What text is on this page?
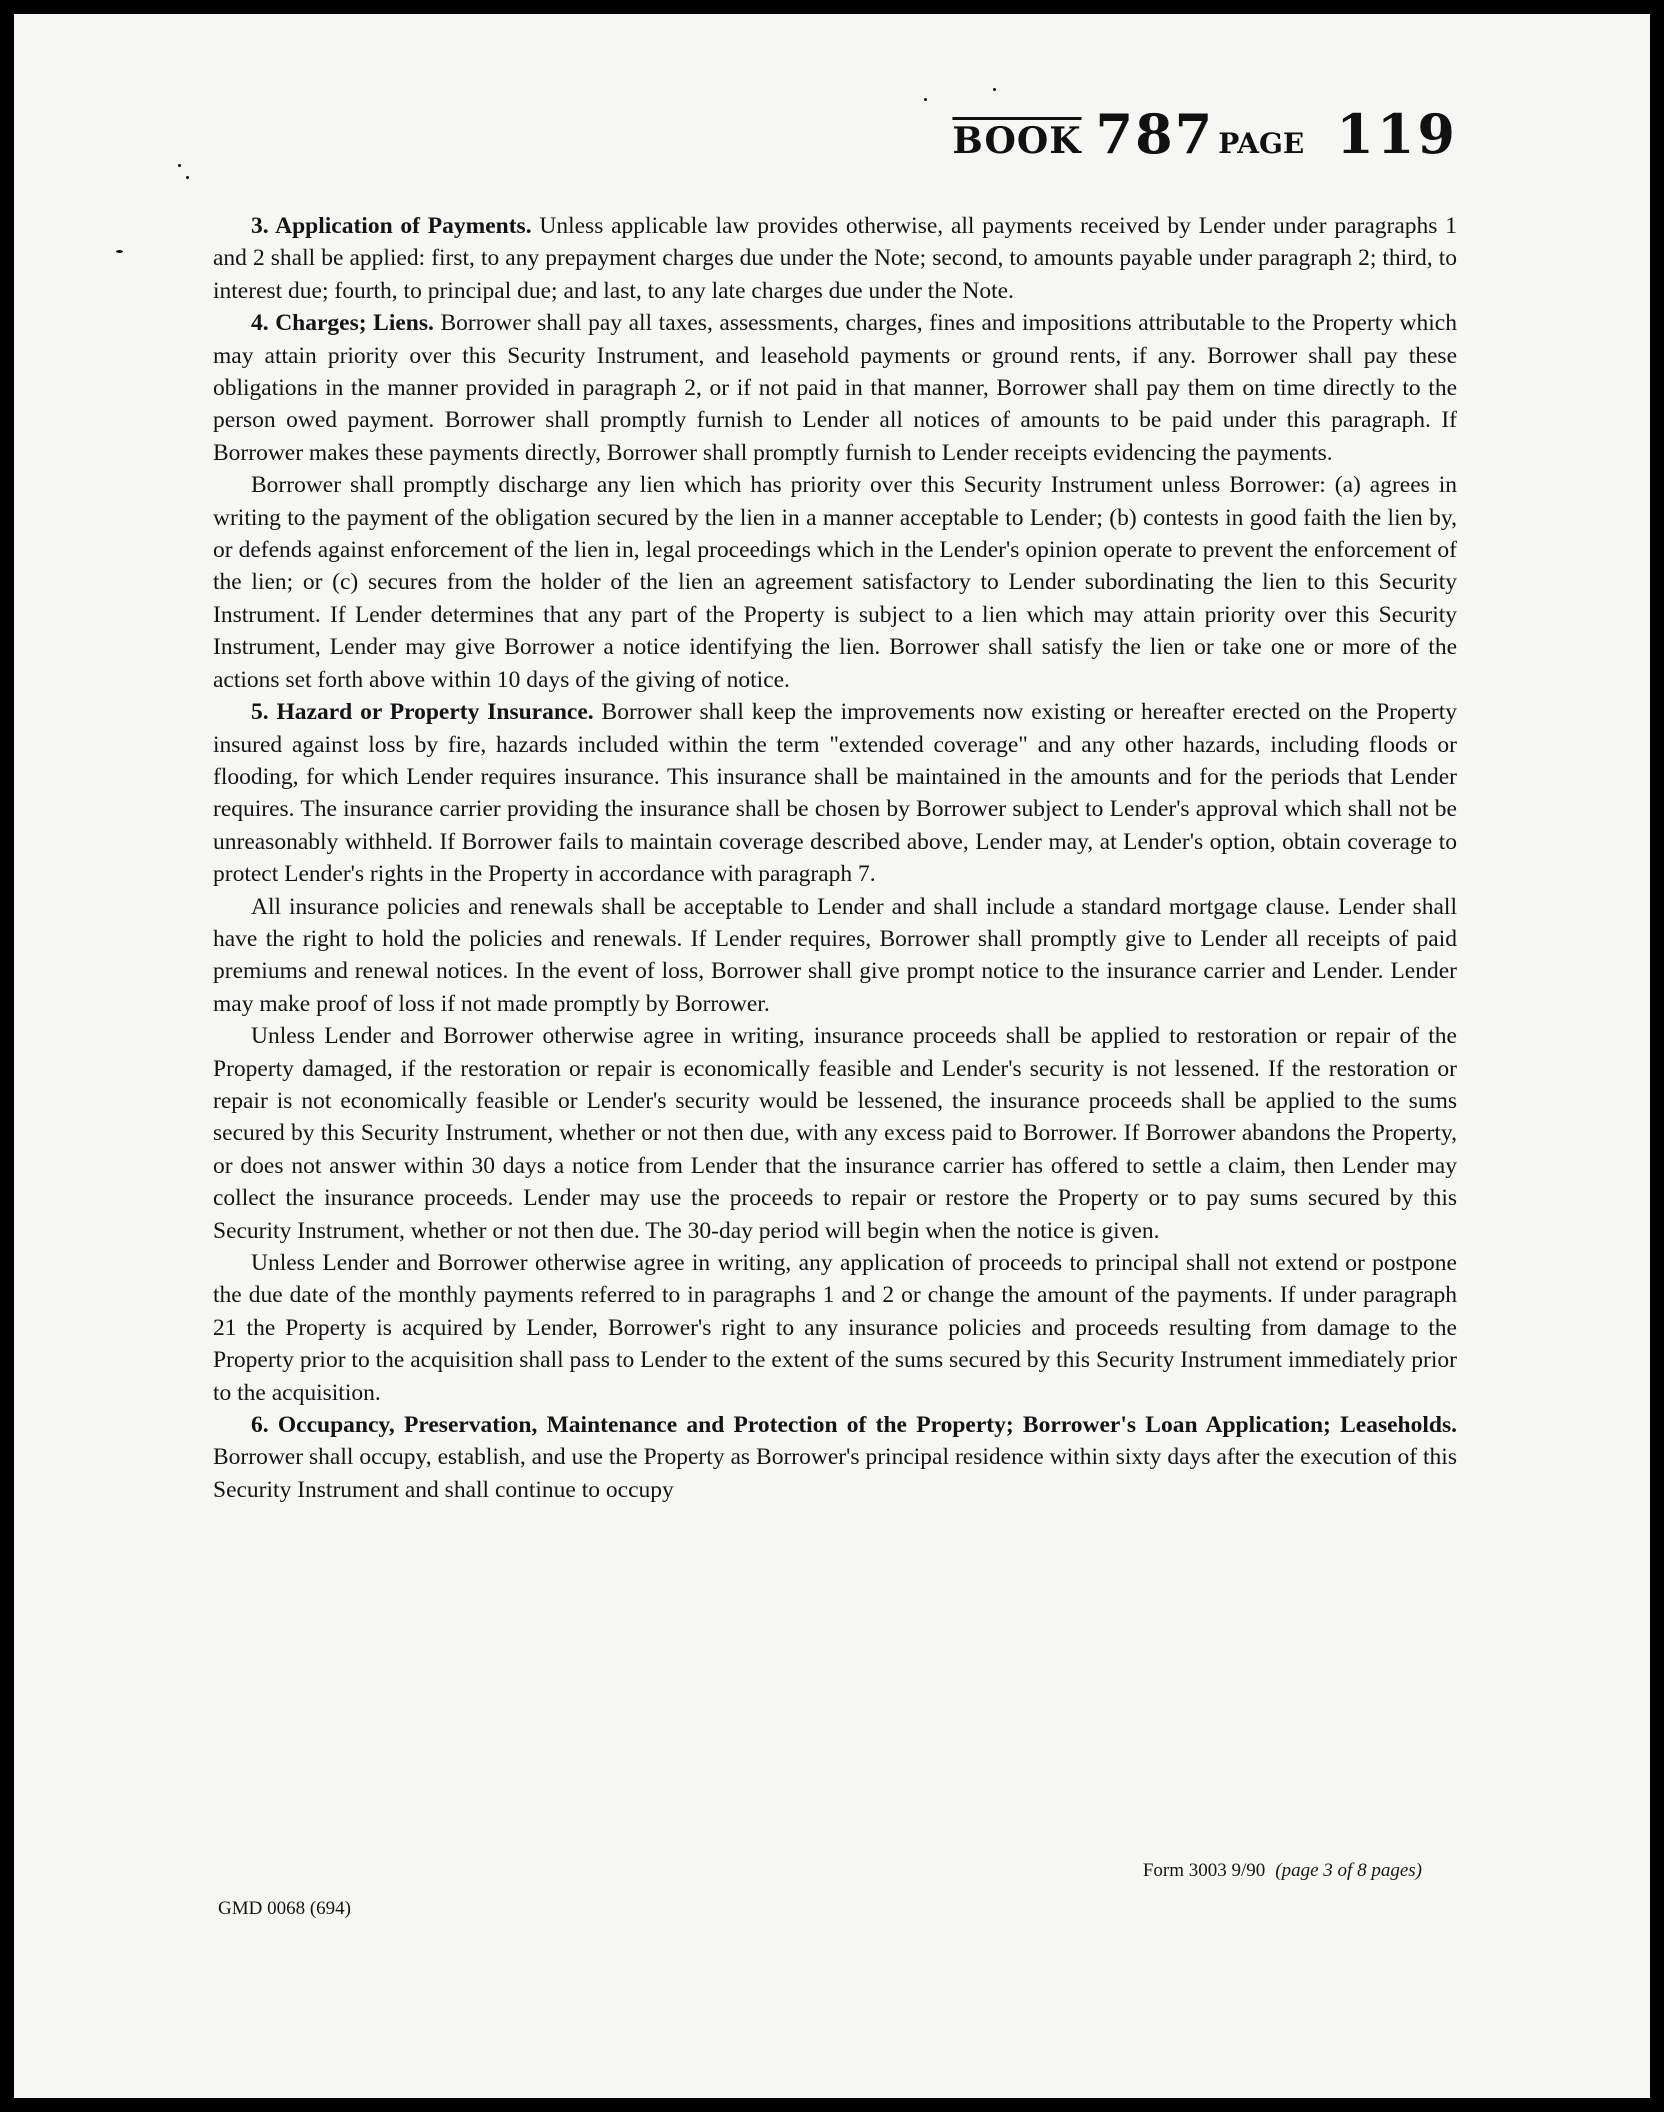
BOOK 787 PAGE 119

3. Application of Payments. Unless applicable law provides otherwise, all payments received by Lender under paragraphs 1 and 2 shall be applied: first, to any prepayment charges due under the Note; second, to amounts payable under paragraph 2; third, to interest due; fourth, to principal due; and last, to any late charges due under the Note.

4. Charges; Liens. Borrower shall pay all taxes, assessments, charges, fines and impositions attributable to the Property which may attain priority over this Security Instrument, and leasehold payments or ground rents, if any. Borrower shall pay these obligations in the manner provided in paragraph 2, or if not paid in that manner, Borrower shall pay them on time directly to the person owed payment. Borrower shall promptly furnish to Lender all notices of amounts to be paid under this paragraph. If Borrower makes these payments directly, Borrower shall promptly furnish to Lender receipts evidencing the payments.

Borrower shall promptly discharge any lien which has priority over this Security Instrument unless Borrower: (a) agrees in writing to the payment of the obligation secured by the lien in a manner acceptable to Lender; (b) contests in good faith the lien by, or defends against enforcement of the lien in, legal proceedings which in the Lender's opinion operate to prevent the enforcement of the lien; or (c) secures from the holder of the lien an agreement satisfactory to Lender subordinating the lien to this Security Instrument. If Lender determines that any part of the Property is subject to a lien which may attain priority over this Security Instrument, Lender may give Borrower a notice identifying the lien. Borrower shall satisfy the lien or take one or more of the actions set forth above within 10 days of the giving of notice.

5. Hazard or Property Insurance. Borrower shall keep the improvements now existing or hereafter erected on the Property insured against loss by fire, hazards included within the term "extended coverage" and any other hazards, including floods or flooding, for which Lender requires insurance. This insurance shall be maintained in the amounts and for the periods that Lender requires. The insurance carrier providing the insurance shall be chosen by Borrower subject to Lender's approval which shall not be unreasonably withheld. If Borrower fails to maintain coverage described above, Lender may, at Lender's option, obtain coverage to protect Lender's rights in the Property in accordance with paragraph 7.

All insurance policies and renewals shall be acceptable to Lender and shall include a standard mortgage clause. Lender shall have the right to hold the policies and renewals. If Lender requires, Borrower shall promptly give to Lender all receipts of paid premiums and renewal notices. In the event of loss, Borrower shall give prompt notice to the insurance carrier and Lender. Lender may make proof of loss if not made promptly by Borrower.

Unless Lender and Borrower otherwise agree in writing, insurance proceeds shall be applied to restoration or repair of the Property damaged, if the restoration or repair is economically feasible and Lender's security is not lessened. If the restoration or repair is not economically feasible or Lender's security would be lessened, the insurance proceeds shall be applied to the sums secured by this Security Instrument, whether or not then due, with any excess paid to Borrower. If Borrower abandons the Property, or does not answer within 30 days a notice from Lender that the insurance carrier has offered to settle a claim, then Lender may collect the insurance proceeds. Lender may use the proceeds to repair or restore the Property or to pay sums secured by this Security Instrument, whether or not then due. The 30-day period will begin when the notice is given.

Unless Lender and Borrower otherwise agree in writing, any application of proceeds to principal shall not extend or postpone the due date of the monthly payments referred to in paragraphs 1 and 2 or change the amount of the payments. If under paragraph 21 the Property is acquired by Lender, Borrower's right to any insurance policies and proceeds resulting from damage to the Property prior to the acquisition shall pass to Lender to the extent of the sums secured by this Security Instrument immediately prior to the acquisition.

6. Occupancy, Preservation, Maintenance and Protection of the Property; Borrower's Loan Application; Leaseholds. Borrower shall occupy, establish, and use the Property as Borrower's principal residence within sixty days after the execution of this Security Instrument and shall continue to occupy

Form 3003 9/90 (page 3 of 8 pages)
GMD 0068 (694)
